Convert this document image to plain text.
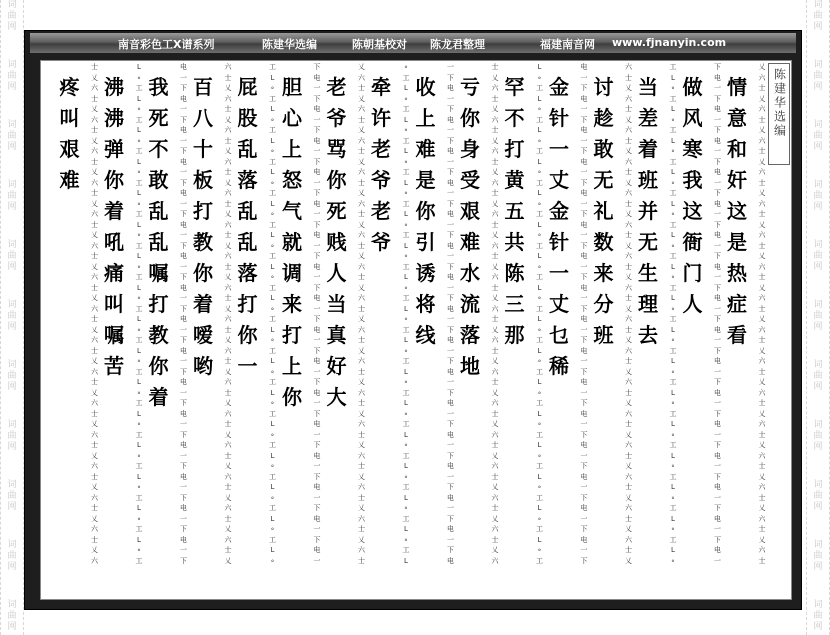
词曲网
词曲网
词曲网
词曲网
词曲网
词曲网
词曲网
词曲网
词曲网
词曲网
词曲网
词曲网
词曲网
词曲网
词曲网
词曲网
词曲网
词曲网
词曲网
词曲网
词曲网
词曲网
南音彩色工X谱系列	陈建华选编	陈朝基校对 陈龙君整理	福建南音网 www.fjnanyin.com
陈建华选编
情
意
和
奸
这
是
热
症
看
乂
六
士
乂
六
士
乂
六
士
乂
六
士
乂
六
士
乂
六
士
乂
六
士
乂
六
士
乂
六
士
乂
六
士
乂
六
士
乂
六
士
乂
六
士
乂
六
士
乂
六
士
乂
六
士
做
风
寒
我
这
衙
门
人
下
电
一
下
电
一
下
电
一
下
电
一
下
电
一
下
电
一
下
电
一
下
电
一
下
电
一
下
电
一
下
电
一
下
电
一
下
电
一
下
电
一
下
电
一
下
电
一
当
差
着
班
并
无
生
理
去
工
L
∘
工
L
∘
工
L
∘
工
L
∘
工
L
∘
工
L
∘
工
L
∘
工
L
∘
工
L
∘
工
L
∘
工
L
∘
工
L
∘
工
L
∘
工
L
∘
工
L
∘
工
L
∘
讨
趁
敢
无
礼
数
来
分
班
六
士
乂
六
士
乂
六
士
乂
六
士
乂
六
士
乂
六
士
乂
六
士
乂
六
士
乂
六
士
乂
六
士
乂
六
士
乂
六
士
乂
六
士
乂
六
士
乂
六
士
乂
六
士
乂
金
针
一
丈
金
针
一
丈
乜
稀
电
一
下
电
一
下
电
一
下
电
一
下
电
一
下
电
一
下
电
一
下
电
一
下
电
一
下
电
一
下
电
一
下
电
一
下
电
一
下
电
一
下
电
一
下
电
一
下
罕
不
打
黄
五
共
陈
三
那
L
∘
工
L
∘
工
L
∘
工
L
∘
工
L
∘
工
L
∘
工
L
∘
工
L
∘
工
L
∘
工
L
∘
工
L
∘
工
L
∘
工
L
∘
工
L
∘
工
L
∘
工
L
∘
工
亏
你
身
受
艰
难
水
流
落
地
士
乂
六
士
乂
六
士
乂
六
士
乂
六
士
乂
六
士
乂
六
士
乂
六
士
乂
六
士
乂
六
士
乂
六
士
乂
六
士
乂
六
士
乂
六
士
乂
六
士
乂
六
士
乂
六
收
上
难
是
你
引
诱
将
线
一
下
电
一
下
电
一
下
电
一
下
电
一
下
电
一
下
电
一
下
电
一
下
电
一
下
电
一
下
电
一
下
电
一
下
电
一
下
电
一
下
电
一
下
电
一
下
电
牵
许
老
爷
老
爷
∘
工
L
∘
工
L
∘
工
L
∘
工
L
∘
工
L
∘
工
L
∘
工
L
∘
工
L
∘
工
L
∘
工
L
∘
工
L
∘
工
L
∘
工
L
∘
工
L
∘
工
L
∘
工
L
老
爷
骂
你
死
贱
人
当
真
好
大
乂
六
士
乂
六
士
乂
六
士
乂
六
士
乂
六
士
乂
六
士
乂
六
士
乂
六
士
乂
六
士
乂
六
士
乂
六
士
乂
六
士
乂
六
士
乂
六
士
乂
六
士
乂
六
士
胆
心
上
怒
气
就
调
来
打
上
你
下
电
一
下
电
一
下
电
一
下
电
一
下
电
一
下
电
一
下
电
一
下
电
一
下
电
一
下
电
一
下
电
一
下
电
一
下
电
一
下
电
一
下
电
一
下
电
一
屁
股
乱
落
乱
乱
落
打
你
一
工
L
∘
工
L
∘
工
L
∘
工
L
∘
工
L
∘
工
L
∘
工
L
∘
工
L
∘
工
L
∘
工
L
∘
工
L
∘
工
L
∘
工
L
∘
工
L
∘
工
L
∘
工
L
∘
百
八
十
板
打
教
你
着
嗳
哟
六
士
乂
六
士
乂
六
士
乂
六
士
乂
六
士
乂
六
士
乂
六
士
乂
六
士
乂
六
士
乂
六
士
乂
六
士
乂
六
士
乂
六
士
乂
六
士
乂
六
士
乂
六
士
乂
我
死
不
敢
乱
乱
嘱
打
教
你
着
电
一
下
电
一
下
电
一
下
电
一
下
电
一
下
电
一
下
电
一
下
电
一
下
电
一
下
电
一
下
电
一
下
电
一
下
电
一
下
电
一
下
电
一
下
电
一
下
沸
沸
弹
你
着
吼
痛
叫
嘱
苦
L
∘
工
L
∘
工
L
∘
工
L
∘
工
L
∘
工
L
∘
工
L
∘
工
L
∘
工
L
∘
工
L
∘
工
L
∘
工
L
∘
工
L
∘
工
L
∘
工
L
∘
工
L
∘
工
疼
叫
艰
难
士
乂
六
士
乂
六
士
乂
六
士
乂
六
士
乂
六
士
乂
六
士
乂
六
士
乂
六
士
乂
六
士
乂
六
士
乂
六
士
乂
六
士
乂
六
士
乂
六
士
乂
六
士
乂
六
